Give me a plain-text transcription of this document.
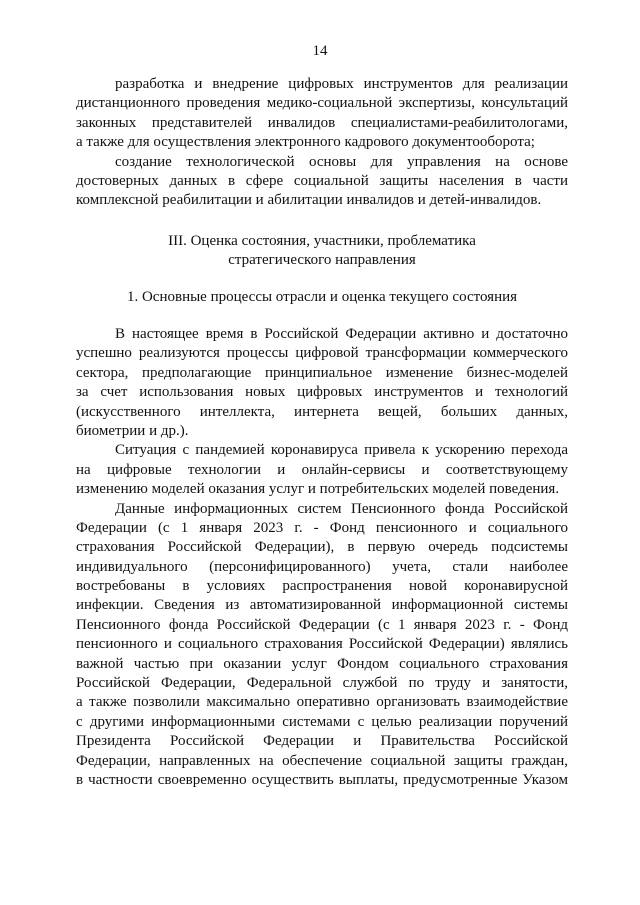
14
разработка и внедрение цифровых инструментов для реализации
дистанционного проведения медико-социальной экспертизы, консультаций
законных представителей инвалидов специалистами-реабилитологами,
а также для осуществления электронного кадрового документооборота;
создание технологической основы для управления на основе
достоверных данных в сфере социальной защиты населения в части
комплексной реабилитации и абилитации инвалидов и детей-инвалидов.
III. Оценка состояния, участники, проблематика
стратегического направления
1. Основные процессы отрасли и оценка текущего состояния
В настоящее время в Российской Федерации активно и достаточно
успешно реализуются процессы цифровой трансформации коммерческого
сектора, предполагающие принципиальное изменение бизнес-моделей
за счет использования новых цифровых инструментов и технологий
(искусственного интеллекта, интернета вещей, больших данных,
биометрии и др.).
Ситуация с пандемией коронавируса привела к ускорению перехода
на цифровые технологии и онлайн-сервисы и соответствующему
изменению моделей оказания услуг и потребительских моделей поведения.
Данные информационных систем Пенсионного фонда Российской
Федерации (с 1 января 2023 г. - Фонд пенсионного и социального
страхования Российской Федерации), в первую очередь подсистемы
индивидуального (персонифицированного) учета, стали наиболее
востребованы в условиях распространения новой коронавирусной
инфекции. Сведения из автоматизированной информационной системы
Пенсионного фонда Российской Федерации (с 1 января 2023 г. - Фонд
пенсионного и социального страхования Российской Федерации) являлись
важной частью при оказании услуг Фондом социального страхования
Российской Федерации, Федеральной службой по труду и занятости,
а также позволили максимально оперативно организовать взаимодействие
с другими информационными системами с целью реализации поручений
Президента Российской Федерации и Правительства Российской
Федерации, направленных на обеспечение социальной защиты граждан,
в частности своевременно осуществить выплаты, предусмотренные Указом
